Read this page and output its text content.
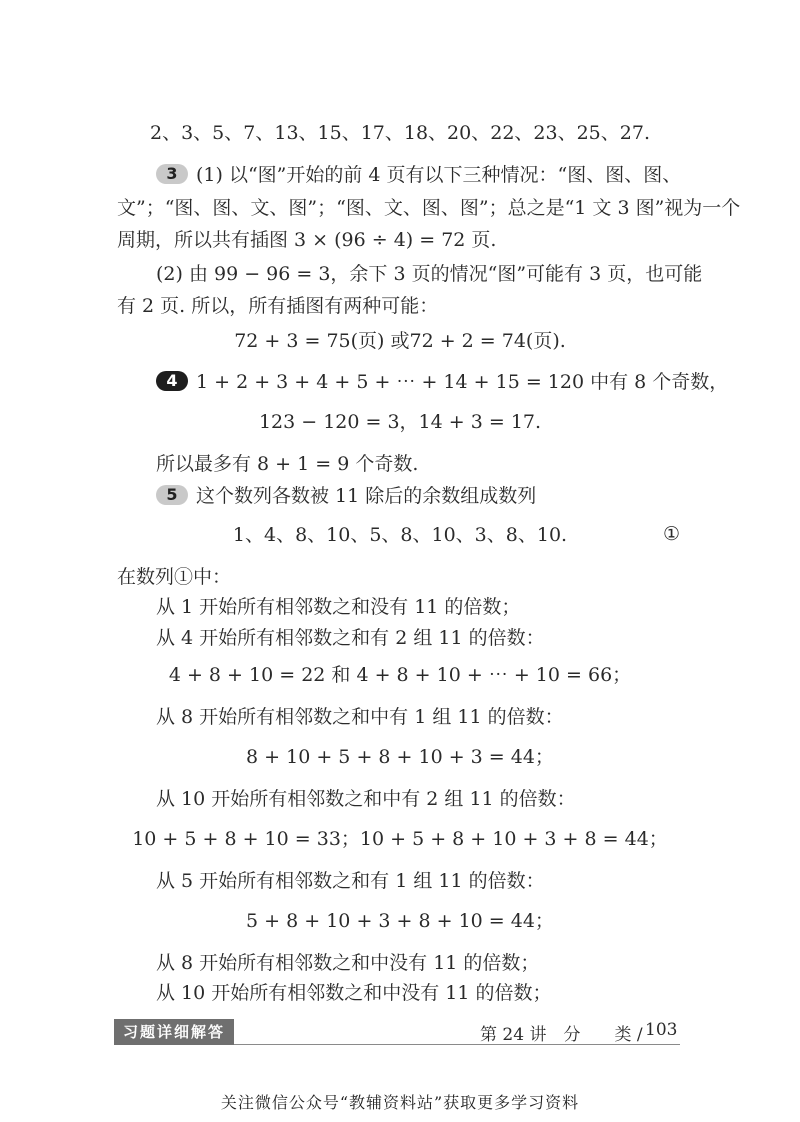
2、3、5、7、13、15、17、18、20、22、23、25、27.
3 (1) 以“图”开始的前 4 页有以下三种情况：“图、图、图、
文”；“图、图、文、图”；“图、文、图、图”；总之是“1 文 3 图”视为一个
周期，所以共有插图 3 × (96 ÷ 4) = 72 页.
(2) 由 99 − 96 = 3，余下 3 页的情况“图”可能有 3 页，也可能
有 2 页. 所以，所有插图有两种可能：
72 + 3 = 75(页) 或72 + 2 = 74(页).
4 1 + 2 + 3 + 4 + 5 + ⋯ + 14 + 15 = 120 中有 8 个奇数，
123 − 120 = 3，14 + 3 = 17.
所以最多有 8 + 1 = 9 个奇数.
5 这个数列各数被 11 除后的余数组成数列
1、4、8、10、5、8、10、3、8、10.	①
在数列①中：
从 1 开始所有相邻数之和没有 11 的倍数；
从 4 开始所有相邻数之和有 2 组 11 的倍数：
4 + 8 + 10 = 22 和 4 + 8 + 10 + ⋯ + 10 = 66；
从 8 开始所有相邻数之和中有 1 组 11 的倍数：
8 + 10 + 5 + 8 + 10 + 3 = 44；
从 10 开始所有相邻数之和中有 2 组 11 的倍数：
10 + 5 + 8 + 10 = 33；10 + 5 + 8 + 10 + 3 + 8 = 44；
从 5 开始所有相邻数之和有 1 组 11 的倍数：
5 + 8 + 10 + 3 + 8 + 10 = 44；
从 8 开始所有相邻数之和中没有 11 的倍数；
从 10 开始所有相邻数之和中没有 11 的倍数；
习题详细解答	第 24 讲　分　　类 / 103
关注微信公众号“教辅资料站”获取更多学习资料
